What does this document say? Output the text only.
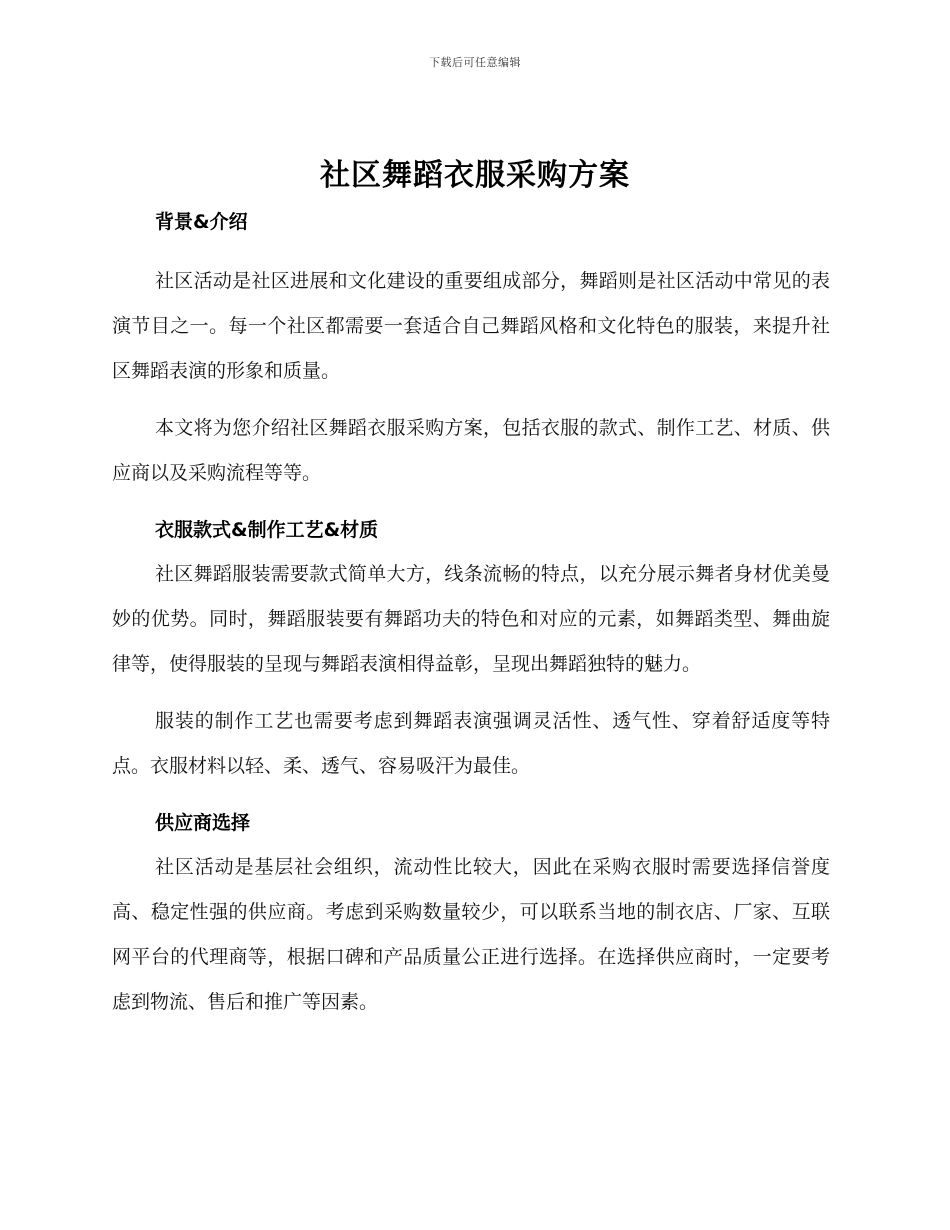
下载后可任意编辑
社区舞蹈衣服采购方案
背景&介绍

社区活动是社区进展和文化建设的重要组成部分，舞蹈则是社区活动中常见的表演节目之一。每一个社区都需要一套适合自己舞蹈风格和文化特色的服装，来提升社区舞蹈表演的形象和质量。

本文将为您介绍社区舞蹈衣服采购方案，包括衣服的款式、制作工艺、材质、供应商以及采购流程等等。

衣服款式&制作工艺&材质

社区舞蹈服装需要款式简单大方，线条流畅的特点，以充分展示舞者身材优美曼妙的优势。同时，舞蹈服装要有舞蹈功夫的特色和对应的元素，如舞蹈类型、舞曲旋律等，使得服装的呈现与舞蹈表演相得益彰，呈现出舞蹈独特的魅力。

服装的制作工艺也需要考虑到舞蹈表演强调灵活性、透气性、穿着舒适度等特点。衣服材料以轻、柔、透气、容易吸汗为最佳。

供应商选择

社区活动是基层社会组织，流动性比较大，因此在采购衣服时需要选择信誉度高、稳定性强的供应商。考虑到采购数量较少，可以联系当地的制衣店、厂家、互联网平台的代理商等，根据口碑和产品质量公正进行选择。在选择供应商时，一定要考虑到物流、售后和推广等因素。
